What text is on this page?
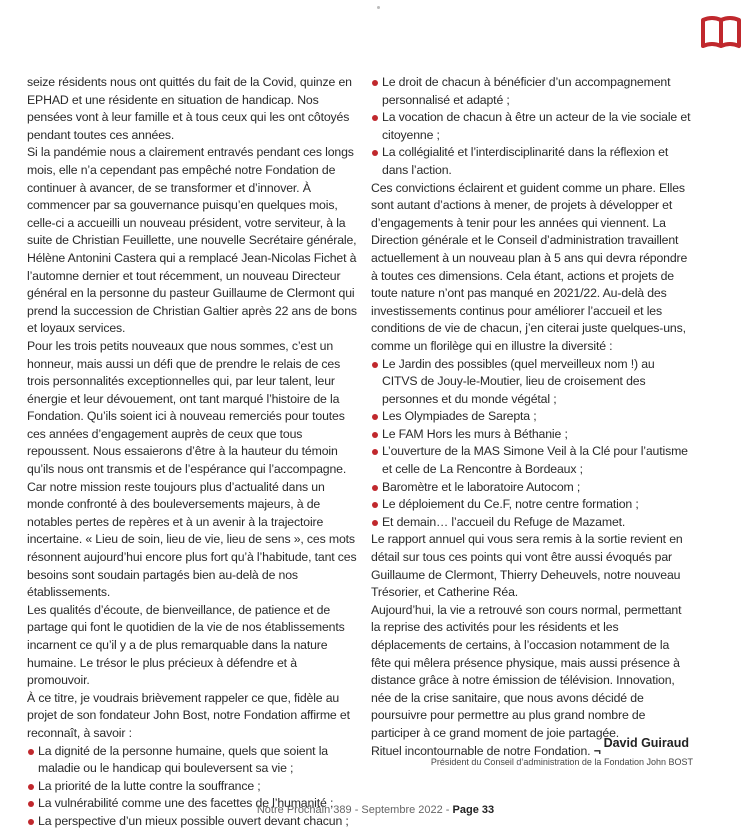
seize résidents nous ont quittés du fait de la Covid, quinze en EPHAD et une résidente en situation de handicap. Nos pensées vont à leur famille et à tous ceux qui les ont côtoyés pendant toutes ces années.

Si la pandémie nous a clairement entravés pendant ces longs mois, elle n’a cependant pas empêché notre Fondation de continuer à avancer, de se transformer et d’innover. À commencer par sa gouvernance puisqu’en quelques mois, celle-ci a accueilli un nouveau président, votre serviteur, à la suite de Christian Feuillette, une nouvelle Secrétaire générale, Hélène Antonini Castera qui a remplacé Jean-Nicolas Fichet à l’automne dernier et tout récemment, un nouveau Directeur général en la personne du pasteur Guillaume de Clermont qui prend la succession de Christian Galtier après 22 ans de bons et loyaux services.

Pour les trois petits nouveaux que nous sommes, c’est un honneur, mais aussi un défi que de prendre le relais de ces trois personnalités exceptionnelles qui, par leur talent, leur énergie et leur dévouement, ont tant marqué l’histoire de la Fondation. Qu’ils soient ici à nouveau remerciés pour toutes ces années d’engagement auprès de ceux que tous repoussent. Nous essaierons d’être à la hauteur du témoin qu’ils nous ont transmis et de l’espérance qui l’accompagne.

Car notre mission reste toujours plus d’actualité dans un monde confronté à des bouleversements majeurs, à de notables pertes de repères et à un avenir à la trajectoire incertaine. « Lieu de soin, lieu de vie, lieu de sens », ces mots résonnent aujourd’hui encore plus fort qu’à l’habitude, tant ces besoins sont soudain partagés bien au-delà de nos établissements.

Les qualités d’écoute, de bienveillance, de patience et de partage qui font le quotidien de la vie de nos établissements incarnent ce qu’il y a de plus remarquable dans la nature humaine. Le trésor le plus précieux à défendre et à promouvoir.

À ce titre, je voudrais brièvement rappeler ce que, fidèle au projet de son fondateur John Bost, notre Fondation affirme et reconnaît, à savoir :

La dignité de la personne humaine, quels que soient la maladie ou le handicap qui bouleversent sa vie ;
La priorité de la lutte contre la souffrance ;
La vulnérabilité comme une des facettes de l’humanité ;
La perspective d’un mieux possible ouvert devant chacun ;
Le droit de chacun à bénéficier d’un accompagnement personnalisé et adapté ;
La vocation de chacun à être un acteur de la vie sociale et citoyenne ;
La collégialité et l’interdisciplinarité dans la réflexion et dans l’action.

Ces convictions éclairent et guident comme un phare. Elles sont autant d’actions à mener, de projets à développer et d’engagements à tenir pour les années qui viennent. La Direction générale et le Conseil d’administration travaillent actuellement à un nouveau plan à 5 ans qui devra répondre à toutes ces dimensions. Cela étant, actions et projets de toute nature n’ont pas manqué en 2021/22. Au-delà des investissements continus pour améliorer l’accueil et les conditions de vie de chacun, j’en citerai juste quelques-uns, comme un florilège qui en illustre la diversité :

Le Jardin des possibles (quel merveilleux nom !) au CITVS de Jouy-le-Moutier, lieu de croisement des personnes et du monde végétal ;
Les Olympiades de Sarepta ;
Le FAM Hors les murs à Béthanie ;
L’ouverture de la MAS Simone Veil à la Clé pour l’autisme et celle de La Rencontre à Bordeaux ;
Baromètre et le laboratoire Autocom ;
Le déploiement du Ce.F, notre centre formation ;
Et demain… l’accueil du Refuge de Mazamet.

Le rapport annuel qui vous sera remis à la sortie revient en détail sur tous ces points qui vont être aussi évoqués par Guillaume de Clermont, Thierry Deheuvels, notre nouveau Trésorier, et Catherine Réa.

Aujourd’hui, la vie a retrouvé son cours normal, permettant la reprise des activités pour les résidents et les déplacements de certains, à l’occasion notamment de la fête qui mêlera présence physique, mais aussi présence à distance grâce à notre émission de télévision. Innovation, née de la crise sanitaire, que nous avons décidé de poursuivre pour permettre au plus grand nombre de participer à ce grand moment de joie partagée.

Rituel incontournable de notre Fondation. ¬

David Guiraud
Président du Conseil d’administration de la Fondation John BOST
Notre Prochain 389 - Septembre 2022 - Page 33
